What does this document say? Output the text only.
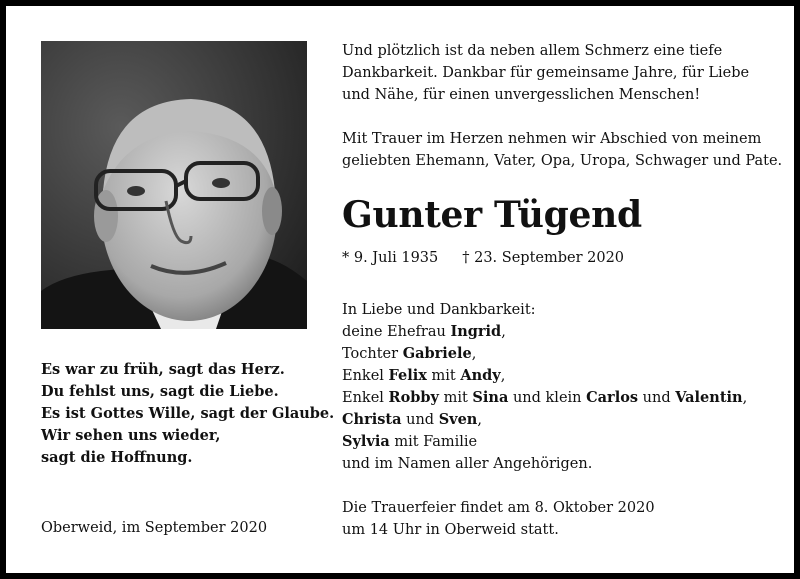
Und plötzlich ist da neben allem Schmerz eine tiefe
Dankbarkeit. Dankbar für gemeinsame Jahre, für Liebe
und Nähe, für einen unvergesslichen Menschen!
Mit Trauer im Herzen nehmen wir Abschied von meinem
geliebten Ehemann, Vater, Opa, Uropa, Schwager und Pate.
Gunter Tügend
* 9. Juli 1935 † 23. September 2020
In Liebe und Dankbarkeit:
deine Ehefrau Ingrid,
Tochter Gabriele,
Enkel Felix mit Andy,
Enkel Robby mit Sina und klein Carlos und Valentin,
Christa und Sven,
Sylvia mit Familie
und im Namen aller Angehörigen.
Die Trauerfeier findet am 8. Oktober 2020
um 14 Uhr in Oberweid statt.
Es war zu früh, sagt das Herz.
Du fehlst uns, sagt die Liebe.
Es ist Gottes Wille, sagt der Glaube.
Wir sehen uns wieder,
sagt die Hoffnung.
Oberweid, im September 2020
